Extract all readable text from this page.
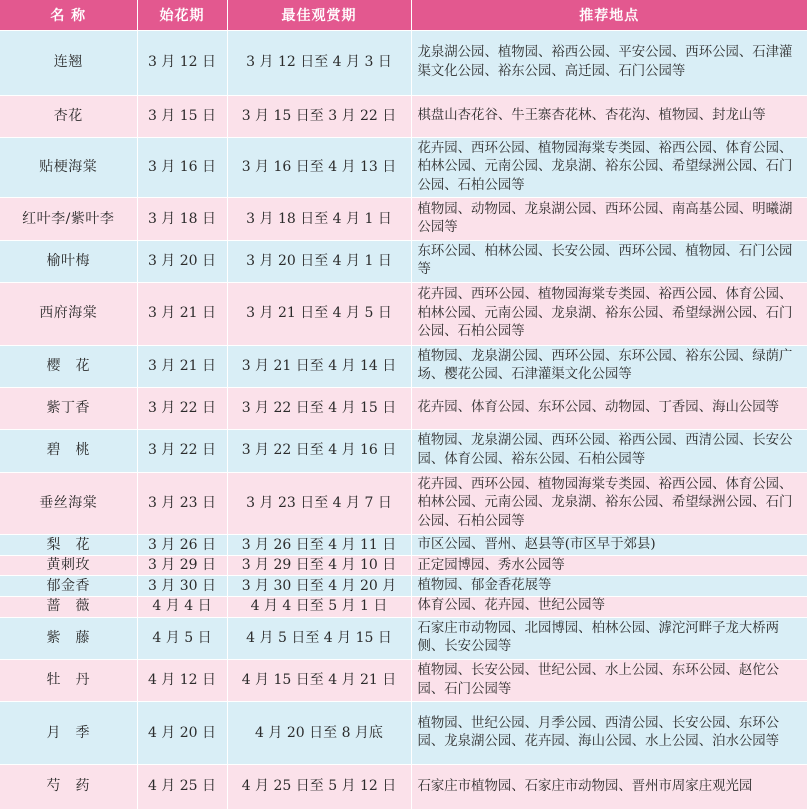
名 称	始花期	最佳观赏期	推荐地点
连翘	3 月 12 日	3 月 12 日至 4 月 3 日	龙泉湖公园、植物园、裕西公园、平安公园、西环公园、石津灌渠文化公园、裕东公园、高迁园、石门公园等
杏花	3 月 15 日	3 月 15 日至 3 月 22 日	棋盘山杏花谷、牛王寨杏花林、杏花沟、植物园、封龙山等
贴梗海棠	3 月 16 日	3 月 16 日至 4 月 13 日	花卉园、西环公园、植物园海棠专类园、裕西公园、体育公园、柏林公园、元南公园、龙泉湖、裕东公园、希望绿洲公园、石门公园、石柏公园等
红叶李/紫叶李	3 月 18 日	3 月 18 日至 4 月 1 日	植物园、动物园、龙泉湖公园、西环公园、南高基公园、明曦湖公园等
榆叶梅	3 月 20 日	3 月 20 日至 4 月 1 日	东环公园、柏林公园、长安公园、西环公园、植物园、石门公园等
西府海棠	3 月 21 日	3 月 21 日至 4 月 5 日	花卉园、西环公园、植物园海棠专类园、裕西公园、体育公园、柏林公园、元南公园、龙泉湖、裕东公园、希望绿洲公园、石门公园、石柏公园等
樱　花	3 月 21 日	3 月 21 日至 4 月 14 日	植物园、龙泉湖公园、西环公园、东环公园、裕东公园、绿荫广场、樱花公园、石津灌渠文化公园等
紫丁香	3 月 22 日	3 月 22 日至 4 月 15 日	花卉园、体育公园、东环公园、动物园、丁香园、海山公园等
碧　桃	3 月 22 日	3 月 22 日至 4 月 16 日	植物园、龙泉湖公园、西环公园、裕西公园、西清公园、长安公园、体育公园、裕东公园、石柏公园等
垂丝海棠	3 月 23 日	3 月 23 日至 4 月 7 日	花卉园、西环公园、植物园海棠专类园、裕西公园、体育公园、柏林公园、元南公园、龙泉湖、裕东公园、希望绿洲公园、石门公园、石柏公园等
梨　花	3 月 26 日	3 月 26 日至 4 月 11 日	市区公园、晋州、赵县等(市区早于郊县)
黄刺玫	3 月 29 日	3 月 29 日至 4 月 10 日	正定园博园、秀水公园等
郁金香	3 月 30 日	3 月 30 日至 4 月 20 月	植物园、郁金香花展等
蔷　薇	4 月 4 日	4 月 4 日至 5 月 1 日	体育公园、花卉园、世纪公园等
紫　藤	4 月 5 日	4 月 5 日至 4 月 15 日	石家庄市动物园、北园博园、柏林公园、滹沱河畔子龙大桥两侧、长安公园等
牡　丹	4 月 12 日	4 月 15 日至 4 月 21 日	植物园、长安公园、世纪公园、水上公园、东环公园、赵佗公园、石门公园等
月　季	4 月 20 日	4 月 20 日至 8 月底	植物园、世纪公园、月季公园、西清公园、长安公园、东环公园、龙泉湖公园、花卉园、海山公园、水上公园、泊水公园等
芍　药	4 月 25 日	4 月 25 日至 5 月 12 日	石家庄市植物园、石家庄市动物园、晋州市周家庄观光园
